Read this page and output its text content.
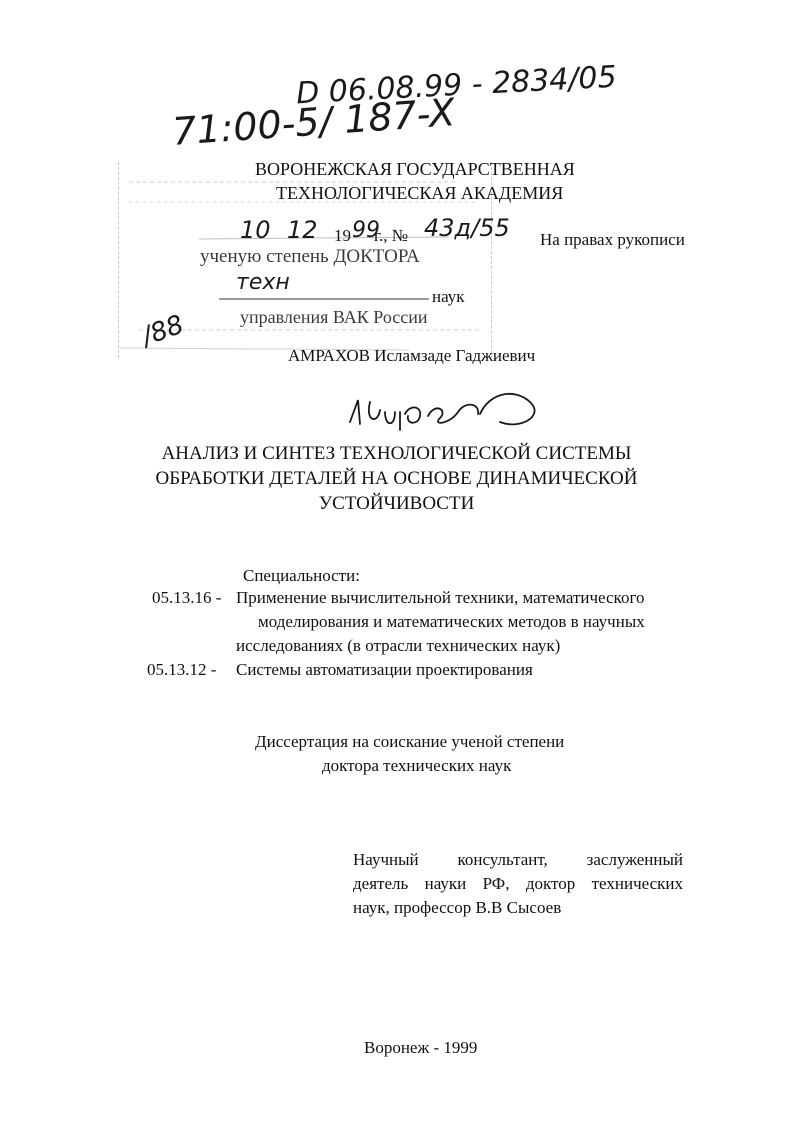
D 06.08.99 - 2834/05
71:00-5/ 187-X
ВОРОНЕЖСКАЯ ГОСУДАРСТВЕННАЯ
ТЕХНОЛОГИЧЕСКАЯ АКАДЕМИЯ
10 12 19 99
г., № 43д/55 На правах рукописи
ученую степень ДОКТОРА
техн
наук
управления ВАК России
/88
АМРАХОВ Исламзаде Гаджиевич
АНАЛИЗ И СИНТЕЗ ТЕХНОЛОГИЧЕСКОЙ СИСТЕМЫ
ОБРАБОТКИ ДЕТАЛЕЙ НА ОСНОВЕ ДИНАМИЧЕСКОЙ
УСТОЙЧИВОСТИ
Специальности:
05.13.16 - Применение вычислительной техники, математического
моделирования и математических методов в научных
исследованиях (в отрасли технических наук)
05.13.12 - Системы автоматизации проектирования
Диссертация на соискание ученой степени
доктора технических наук
Научный консультант, заслуженный
деятель науки РФ, доктор технических
наук, профессор В.В Сысоев
Воронеж - 1999
